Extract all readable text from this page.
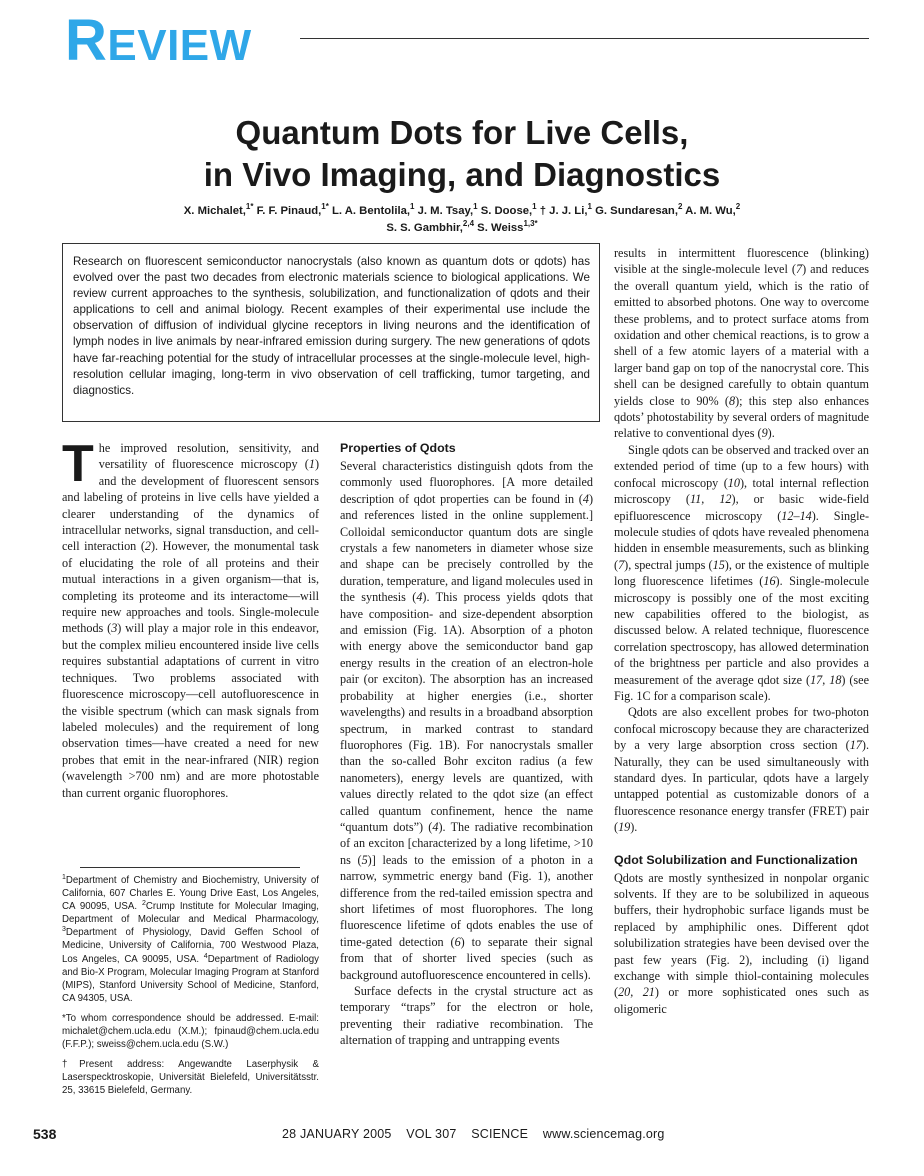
REVIEW
Quantum Dots for Live Cells,
in Vivo Imaging, and Diagnostics
X. Michalet,$^{1*}$ F. F. Pinaud,$^{1*}$ L. A. Bentolila,$^1$ J. M. Tsay,$^1$ S. Doose,$^1$ † J. J. Li,$^1$ G. Sundaresan,$^2$ A. M. Wu,$^2$
S. S. Gambhir,$^{2,4}$ S. Weiss$^{1,3*}$
Research on fluorescent semiconductor nanocrystals (also known as quantum dots or qdots) has evolved over the past two decades from electronic materials science to biological applications. We review current approaches to the synthesis, solubilization, and functionalization of qdots and their applications to cell and animal biology. Recent examples of their experimental use include the observation of diffusion of individual glycine receptors in living neurons and the identification of lymph nodes in live animals by near-infrared emission during surgery. The new generations of qdots have far-reaching potential for the study of intracellular processes at the single-molecule level, high-resolution cellular imaging, long-term in vivo observation of cell trafficking, tumor targeting, and diagnostics.

The improved resolution, sensitivity, and versatility of fluorescence microscopy (1) and the development of fluorescent sensors and labeling of proteins in live cells have yielded a clearer understanding of the dynamics of intracellular networks, signal transduction, and cell-cell interaction (2). However, the monumental task of elucidating the role of all proteins and their mutual interactions in a given organism—that is, completing its proteome and its interactome—will require new approaches and tools. Single-molecule methods (3) will play a major role in this endeavor, but the complex milieu encountered inside live cells requires substantial adaptations of current in vitro techniques. Two problems associated with fluorescence microscopy—cell autofluorescence in the visible spectrum (which can mask signals from labeled molecules) and the requirement of long observation times—have created a need for new probes that emit in the near-infrared (NIR) region (wavelength >700 nm) and are more photostable than current organic fluorophores.

$^1$Department of Chemistry and Biochemistry, University of California, 607 Charles E. Young Drive East, Los Angeles, CA 90095, USA. $^2$Crump Institute for Molecular Imaging, Department of Molecular and Medical Pharmacology, $^3$Department of Physiology, David Geffen School of Medicine, University of California, 700 Westwood Plaza, Los Angeles, CA 90095, USA. $^4$Department of Radiology and Bio-X Program, Molecular Imaging Program at Stanford (MIPS), Stanford University School of Medicine, Stanford, CA 94305, USA.

*To whom correspondence should be addressed. E-mail: michalet@chem.ucla.edu (X.M.); fpinaud@chem.ucla.edu (F.F.P.); sweiss@chem.ucla.edu (S.W.)

†Present address: Angewandte Laserphysik & Laserspecktroskopie, Universität Bielefeld, Universitätsstr. 25, 33615 Bielefeld, Germany.

Properties of Qdots

Several characteristics distinguish qdots from the commonly used fluorophores. [A more detailed description of qdot properties can be found in (4) and references listed in the online supplement.] Colloidal semiconductor quantum dots are single crystals a few nanometers in diameter whose size and shape can be precisely controlled by the duration, temperature, and ligand molecules used in the synthesis (4). This process yields qdots that have composition- and size-dependent absorption and emission (Fig. 1A). Absorption of a photon with energy above the semiconductor band gap energy results in the creation of an electron-hole pair (or exciton). The absorption has an increased probability at higher energies (i.e., shorter wavelengths) and results in a broadband absorption spectrum, in marked contrast to standard fluorophores (Fig. 1B). For nanocrystals smaller than the so-called Bohr exciton radius (a few nanometers), energy levels are quantized, with values directly related to the qdot size (an effect called quantum confinement, hence the name “quantum dots”) (4). The radiative recombination of an exciton [characterized by a long lifetime, >10 ns (5)] leads to the emission of a photon in a narrow, symmetric energy band (Fig. 1), another difference from the red-tailed emission spectra and short lifetimes of most fluorophores. The long fluorescence lifetime of qdots enables the use of time-gated detection (6) to separate their signal from that of shorter lived species (such as background autofluorescence encountered in cells).

Surface defects in the crystal structure act as temporary “traps” for the electron or hole, preventing their radiative recombination. The alternation of trapping and untrapping events

results in intermittent fluorescence (blinking) visible at the single-molecule level (7) and reduces the overall quantum yield, which is the ratio of emitted to absorbed photons. One way to overcome these problems, and to protect surface atoms from oxidation and other chemical reactions, is to grow a shell of a few atomic layers of a material with a larger band gap on top of the nanocrystal core. This shell can be designed carefully to obtain quantum yields close to 90% (8); this step also enhances qdots’ photostability by several orders of magnitude relative to conventional dyes (9).

Single qdots can be observed and tracked over an extended period of time (up to a few hours) with confocal microscopy (10), total internal reflection microscopy (11, 12), or basic wide-field epifluorescence microscopy (12–14). Single-molecule studies of qdots have revealed phenomena hidden in ensemble measurements, such as blinking (7), spectral jumps (15), or the existence of multiple long fluorescence lifetimes (16). Single-molecule microscopy is possibly one of the most exciting new capabilities offered to the biologist, as discussed below. A related technique, fluorescence correlation spectroscopy, has allowed determination of the brightness per particle and also provides a measurement of the average qdot size (17, 18) (see Fig. 1C for a comparison scale).

Qdots are also excellent probes for two-photon confocal microscopy because they are characterized by a very large absorption cross section (17). Naturally, they can be used simultaneously with standard dyes. In particular, qdots have a largely untapped potential as customizable donors of a fluorescence resonance energy transfer (FRET) pair (19).

Qdot Solubilization and Functionalization

Qdots are mostly synthesized in nonpolar organic solvents. If they are to be solubilized in aqueous buffers, their hydrophobic surface ligands must be replaced by amphiphilic ones. Different qdot solubilization strategies have been devised over the past few years (Fig. 2), including (i) ligand exchange with simple thiol-containing molecules (20, 21) or more sophisticated ones such as oligomeric

538	28 JANUARY 2005    VOL 307    SCIENCE    www.sciencemag.org
